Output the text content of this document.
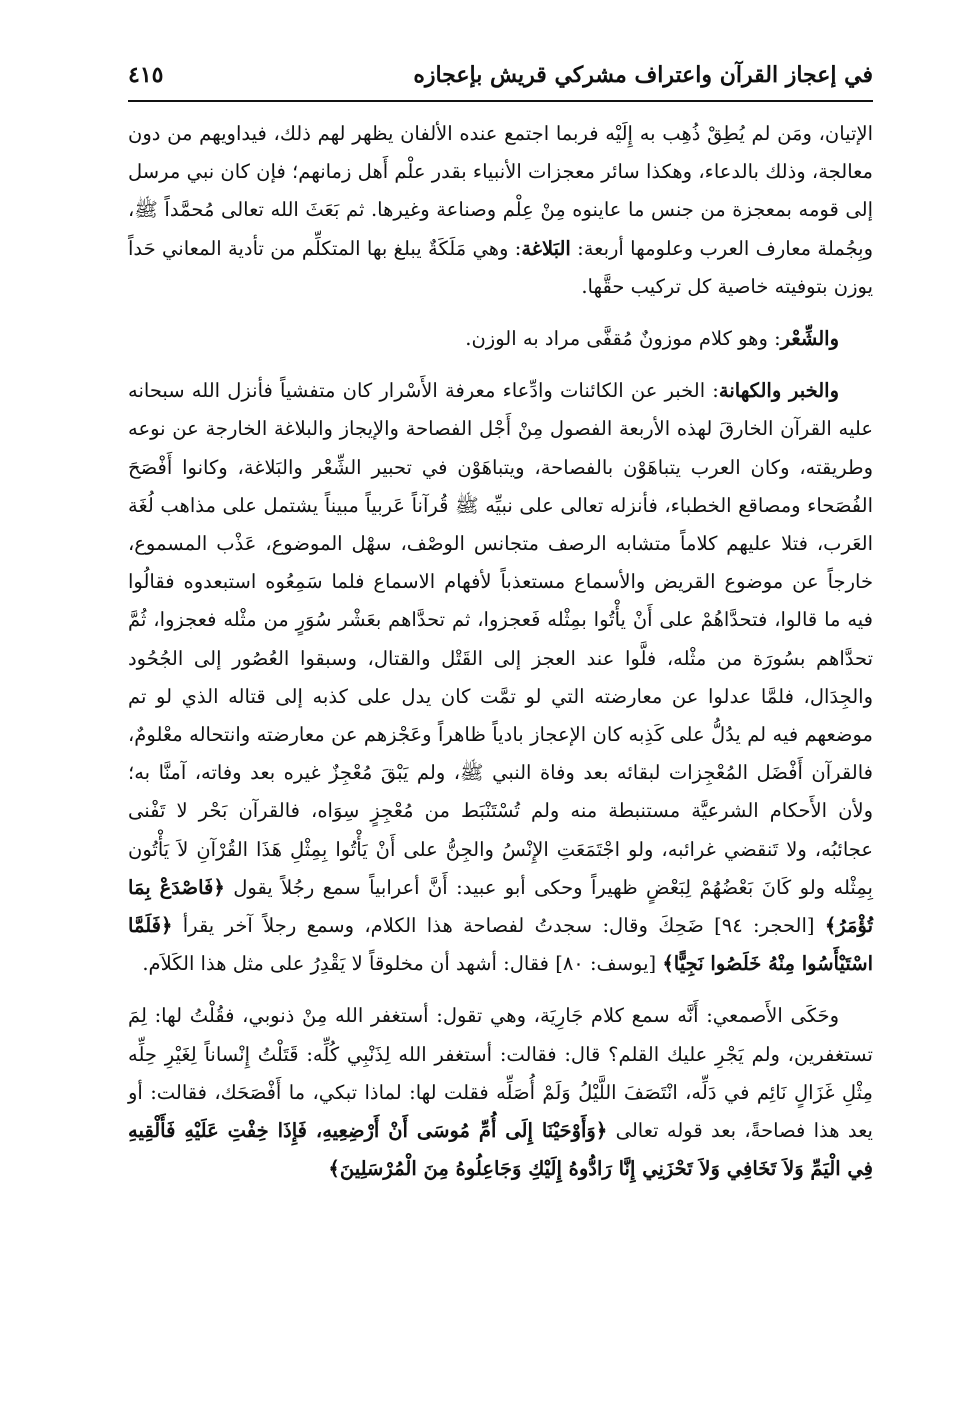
في إعجاز القرآن واعتراف مشركي قريش بإعجازه
٤١٥

الإتيان، ومَن لم يُطِقْ ذُهِب به إِلَيْه فربما اجتمع عنده الألفان يظهر لهم ذلك، فيداويهم من دون معالجة، وذلك بالدعاء، وهكذا سائر معجزات الأنبياء بقدر علْم أَهل زمانهم؛ فإن كان نبي مرسل إلى قومه بمعجزة من جنس ما عاينوه مِنْ عِلْم وصناعة وغيرها. ثم بَعَثَ الله تعالى مُحمَّداً ﷺ، وبِجُملة معارف العرب وعلومها أربعة: البَلاغة: وهي مَلَكَةٌ يبلغ بها المتكلِّم من تأدية المعاني حَداً يوزن بتوفيته خاصية كل تركيب حقَّها.

والشِّعْر: وهو كلام موزونٌ مُقفَّى مراد به الوزن.

والخبر والكهانة: الخبر عن الكائنات وادِّعاء معرفة الأَسْرار كان متفشياً فأنزل الله سبحانه عليه القرآن الخارقَ لهذه الأربعة الفصول مِنْ أَجْل الفصاحة والإيجاز والبلاغة الخارجة عن نوعه وطريقته، وكان العرب يتباهَوْن بالفصاحة، ويتباهَوْن في تحبير الشِّعْر والبَلاغة، وكانوا أَفْصَحَ الفُصَحاء ومصاقع الخطباء، فأنزله تعالى على نبيِّه ﷺ قُرآناً عَربياً مبيناً يشتمل على مذاهب لُغَة العَرب، فتلا عليهم كلاماً متشابه الرصف متجانس الوصْف، سهْل الموضوع، عَذْب المسموع، خارجاً عن موضوع القريض والأسماع مستعذباً لأفهام الاسماع فلما سَمِعُوه استبعدوه فقالُوا فيه ما قالوا، فتحدَّاهُمْ على أَنْ يأْتُوا بمِثْله فَعجزوا، ثم تحدَّاهم بعَشْر سُوَرٍ من مثْله فعجزوا، ثُمَّ تحدَّاهم بسُورَة من مثْله، فلَّوا عند العجز إلى القَتْل والقتال، وسبقوا العُصُور إلى الجُحُود والجِدَال، فلمَّا عدلوا عن معارضته التي لو تمَّت كان يدل على كذبه إلى قتاله الذي لو تم موضعهم فيه لم يدُلُّ على كَذِبه كان الإعجاز بادياً ظاهراً وعَجْزهم عن معارضته وانتحاله معْلومٌ، فالقرآن أَفْضَل المُعْجِزات لبقائه بعد وفاة النبي ﷺ، ولم يَبْقَ مُعْجِزٌ غيره بعد وفاته، آمنَّا به؛ ولأن الأَحكام الشرعيَّة مستنبطة منه ولم تُسْتَنْبَط من مُعْجِزٍ سِوَاه، فالقرآن بَحْر لا تَفْنى عجائبُه، ولا تَنقضي غرائبه، ولو اجْتَمَعَتِ الإِنْسُ والجِنُّ على أَنْ يَأْتُوا بِمِثْلِ هَذَا القُرْآنِ لاَ يَأْتُون بِمِثْله ولو كَانَ بَعْضُهُمْ لِبَعْضٍ ظهيراً وحكى أبو عبيد: أَنَّ أعرابياً سمع رجُلاً يقول ﴿فَاصْدَعْ بِمَا تُؤْمَرُ﴾ [الحجر: ٩٤] ضَحِكَ وقال: سجدتُ لفصاحة هذا الكلام، وسمع رجلاً آخر يقرأ ﴿فَلَمَّا اسْتَيْأَسُوا مِنْهُ خَلَصُوا نَجِيًّا﴾ [يوسف: ٨٠] فقال: أشهد أن مخلوقاً لا يَقْدِرُ على مثل هذا الكَلاَم.

وحَكَى الأَصمعي: أَنَّه سمع كلام جَارِيَة، وهي تقول: أستغفر الله مِنْ ذنوبي، فقُلْتُ لها: لِمَ تستغفرين، ولم يَجْرِ عليك القلم؟ قال: فقالت: أستغفر الله لِذَنْبِي كُلِّه: قَتَلْتُ إِنْساناً لِغَيْرِ حِلِّه مِثْلِ غَزَالٍ نَائِم في دَلِّه، انْتَصَفَ اللَّيْلُ وَلَمْ أُصَلِّه فقلت لها: لماذا تبكي، ما أَفْصَحَك، فقالت: أو يعد هذا فصاحةً، بعد قوله تعالى ﴿وَأَوْحَيْنَا إِلَى أُمِّ مُوسَى أَنْ أَرْضِعِيهِ، فَإِذَا خِفْتِ عَلَيْهِ فَأَلْقِيهِ فِي الْيَمِّ وَلاَ تَخَافِي وَلاَ تَحْزَنِي إِنَّا رَادُّوهُ إِلَيْكِ وَجَاعِلُوهُ مِنَ الْمُرْسَلِينَ﴾
